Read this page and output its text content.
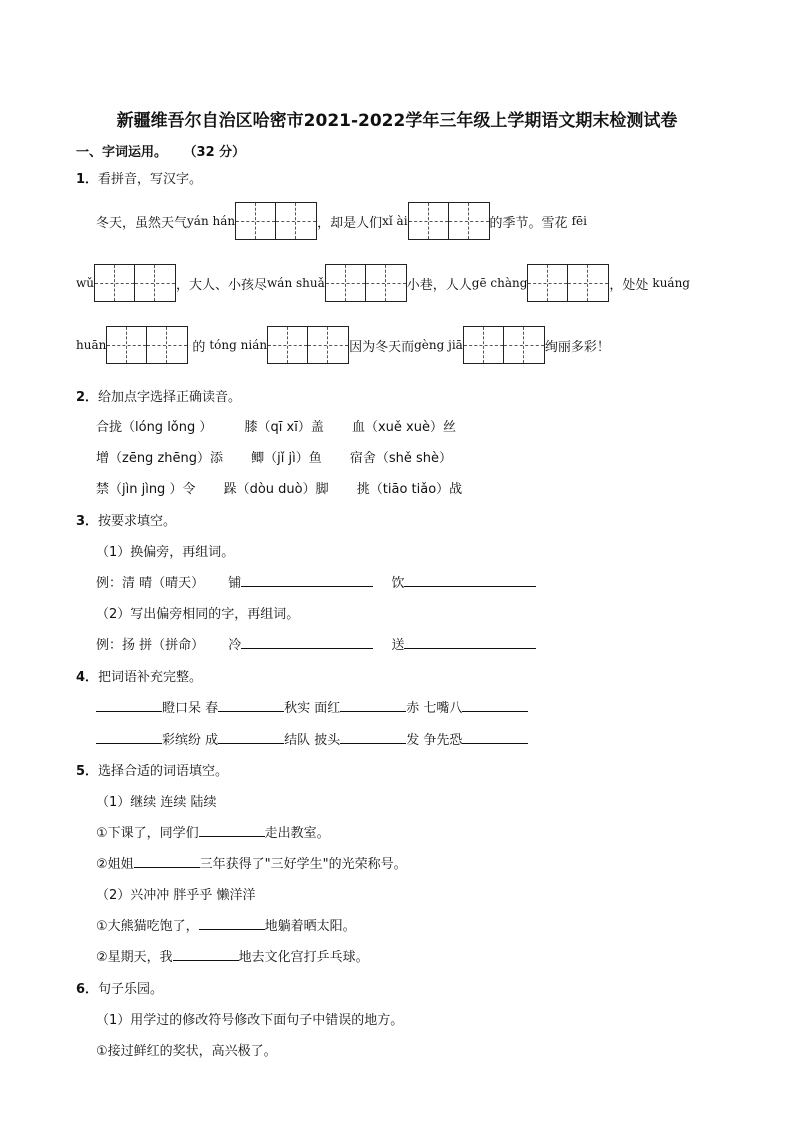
新疆维吾尔自治区哈密市2021-2022学年三年级上学期语文期末检测试卷
一、字词运用。 （32 分）
1．看拼音，写汉字。
冬天，虽然天气 yán hán	，却是人们 xǐ ài	的季节。雪花 fēi
wǔ	，大人、小孩尽 wán shuǎ	小巷，人人 gē chàng	，处处 kuáng
huān	的 tóng nián	因为冬天而 gèng jiā	绚丽多彩！
2．给加点字选择正确读音。
合拢（lóng lǒng ） 膝（qī xī）盖 血（xuě xuè）丝
增（zēng zhēng）添 鲫（jǐ jì）鱼 宿舍（shě shè）
禁（jìn jìng ）令 跺（dòu duò）脚 挑（tiāo tiǎo）战
3．按要求填空。
（1）换偏旁，再组词。
例：清 晴（晴天） 铺	饮
（2）写出偏旁相同的字，再组词。
例：扬 拼（拼命） 冷	送
4．把词语补充完整。
瞪口呆 春	秋实 面红	赤 七嘴八
彩缤纷 成	结队 披头	发 争先恐
5．选择合适的词语填空。
（1）继续 连续 陆续
①下课了，同学们	走出教室。
②姐姐	三年获得了"三好学生"的光荣称号。
（2）兴冲冲 胖乎乎 懒洋洋
①大熊猫吃饱了，	地躺着晒太阳。
②星期天，我	地去文化宫打乒乓球。
6．句子乐园。
（1）用学过的修改符号修改下面句子中错误的地方。
①接过鲜红的奖状，高兴极了。
